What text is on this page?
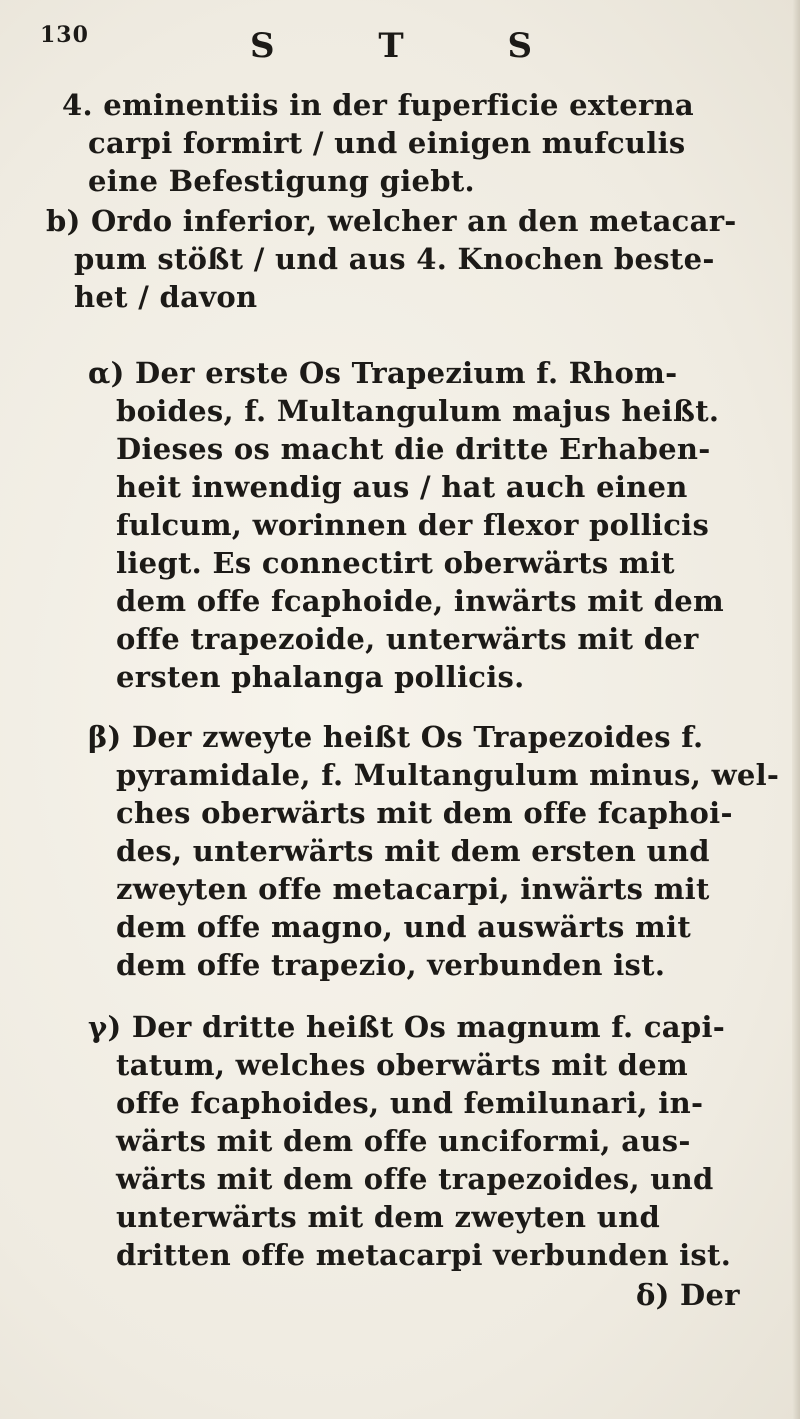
130	S T S

4. eminentiis in der fuperficie externa
carpi formirt / und einigen mufculis
eine Befestigung giebt.

b) Ordo inferior, welcher an den metacar-
pum stößt / und aus 4. Knochen beste-
het / davon

α) Der erste Os Trapezium f. Rhom-
boides, f. Multangulum majus heißt.
Dieses os macht die dritte Erhaben-
heit inwendig aus / hat auch einen
fulcum, worinnen der flexor pollicis
liegt. Es connectirt oberwärts mit
dem offe fcaphoide, inwärts mit dem
offe trapezoide, unterwärts mit der
ersten phalanga pollicis.

β) Der zweyte heißt Os Trapezoides f.
pyramidale, f. Multangulum minus, wel-
ches oberwärts mit dem offe fcaphoi-
des, unterwärts mit dem ersten und
zweyten offe metacarpi, inwärts mit
dem offe magno, und auswärts mit
dem offe trapezio, verbunden ist.

γ) Der dritte heißt Os magnum f. capi-
tatum, welches oberwärts mit dem
offe fcaphoides, und femilunari, in-
wärts mit dem offe unciformi, aus-
wärts mit dem offe trapezoides, und
unterwärts mit dem zweyten und
dritten offe metacarpi verbunden ist.

δ) Der
